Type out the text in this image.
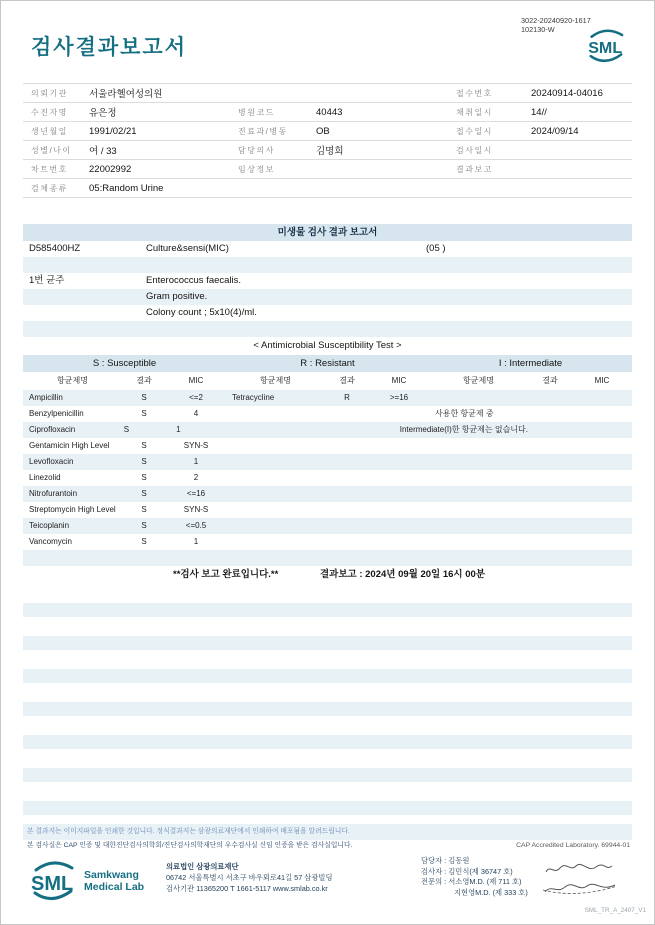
검사결과보고서
3022-20240920-1617
102130-W
SML
의뢰기관	서울라헬여성의원	접수번호	20240914-04016
수진자명	유은정	병원코드	40443	채취일시	14//
생년월일	1991/02/21	진료과/병동	OB	접수일시	2024/09/14
성별/나이	여 / 33	담당의사	김명희	검사일시
차트번호	22002992	임상정보	결과보고
검체종류	05:Random Urine
미생물 검사 결과 보고서
D585400HZ	Culture&sensi(MIC)	(05 )
1번 균주	Enterococcus faecalis.
Gram positive.
Colony count ; 5x10(4)/ml.
< Antimicrobial Susceptibility Test >
S : Susceptible	R : Resistant	I : Intermediate
항균제명	결과	MIC	항균제명	결과	MIC	항균제명	결과	MIC
Ampicillin	S	<=2	Tetracycline	R	>=16
Benzylpenicillin	S	4	사용한 항균제 중
Ciprofloxacin	S	1	Intermediate(I)한 항균제는 없습니다.
Gentamicin High Level	S	SYN-S
Levofloxacin	S	1
Linezolid	S	2
Nitrofurantoin	S	<=16
Streptomycin High Level	S	SYN-S
Teicoplanin	S	<=0.5
Vancomycin	S	1
**검사 보고 완료입니다.**	결과보고 : 2024년 09월 20일 16시 00분
본 결과지는 이미지파일을 인쇄한 것입니다. 정식결과지는 삼광의료재단에서 인쇄하여 배포됨을 알려드립니다.
본 검사실은 CAP 인증 및 대한진단검사의학회/진단검사의학재단의 우수검사실 신임 인증을 받은 검사실입니다.	CAP Accredited Laboratory. 69944-01
SML Samkwang
Medical Lab
의료법인 삼광의료재단
06742 서울특별시 서초구 바우뫼로41길 57 삼광빌딩
검사기관 11365200 T 1661-5117 www.smlab.co.kr
담당자 : 김동원
검사자 : 김민식(제 36747 호)
전문의 : 서소영M.D. (제 711 호)
지현영M.D. (제 333 호)
SML_TR_A_2407_V1
